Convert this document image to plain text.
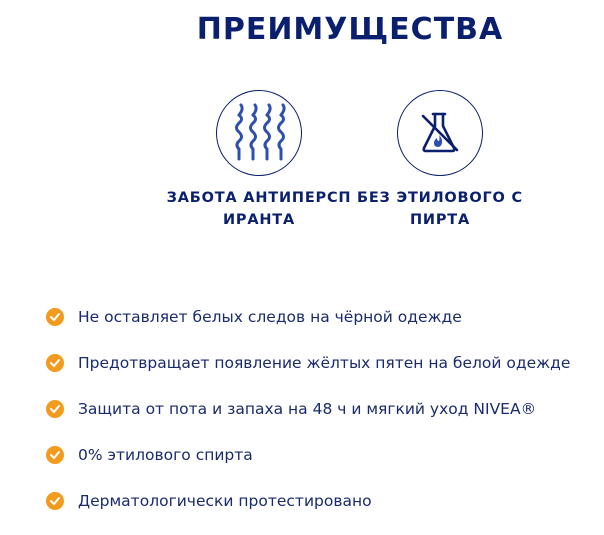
ПРЕИМУЩЕСТВА
ЗАБОТА АНТИПЕРСПИРАНТА
БЕЗ ЭТИЛОВОГО СПИРТА
Не оставляет белых следов на чёрной одежде
Предотвращает появление жёлтых пятен на белой одежде
Защита от пота и запаха на 48 ч и мягкий уход NIVEA®
0% этилового спирта
Дерматологически протестировано
